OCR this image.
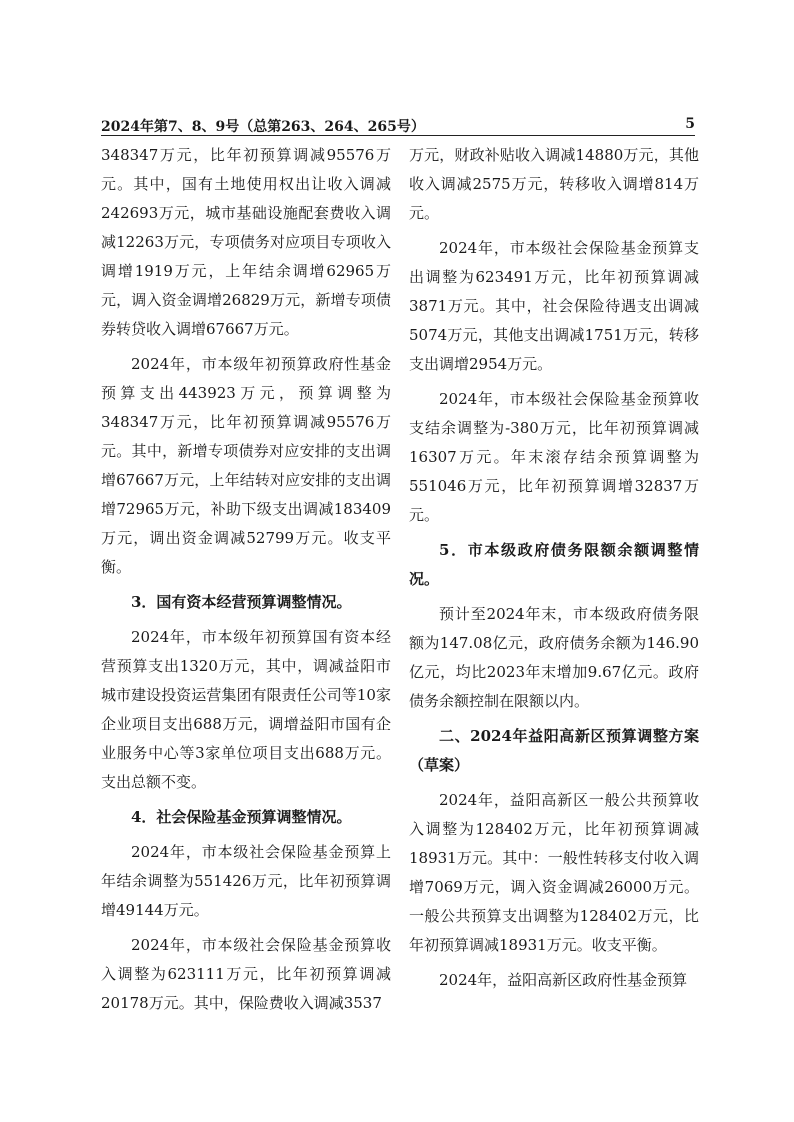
2024年第7、8、9号（总第263、264、265号）	5

348347万元，比年初预算调减95576万元。其中，国有土地使用权出让收入调减242693万元，城市基础设施配套费收入调减12263万元，专项债务对应项目专项收入调增1919万元，上年结余调增62965万元，调入资金调增26829万元，新增专项债券转贷收入调增67667万元。

2024年，市本级年初预算政府性基金预算支出443923万元，预算调整为348347万元，比年初预算调减95576万元。其中，新增专项债券对应安排的支出调增67667万元，上年结转对应安排的支出调增72965万元，补助下级支出调减183409万元，调出资金调减52799万元。收支平衡。

3．国有资本经营预算调整情况。

2024年，市本级年初预算国有资本经营预算支出1320万元，其中，调减益阳市城市建设投资运营集团有限责任公司等10家企业项目支出688万元，调增益阳市国有企业服务中心等3家单位项目支出688万元。支出总额不变。

4．社会保险基金预算调整情况。

2024年，市本级社会保险基金预算上年结余调整为551426万元，比年初预算调增49144万元。

2024年，市本级社会保险基金预算收入调整为623111万元，比年初预算调减20178万元。其中，保险费收入调减3537

万元，财政补贴收入调减14880万元，其他收入调减2575万元，转移收入调增814万元。

2024年，市本级社会保险基金预算支出调整为623491万元，比年初预算调减3871万元。其中，社会保险待遇支出调减5074万元，其他支出调减1751万元，转移支出调增2954万元。

2024年，市本级社会保险基金预算收支结余调整为-380万元，比年初预算调减16307万元。年末滚存结余预算调整为551046万元，比年初预算调增32837万元。

5．市本级政府债务限额余额调整情况。

预计至2024年末，市本级政府债务限额为147.08亿元，政府债务余额为146.90亿元，均比2023年末增加9.67亿元。政府债务余额控制在限额以内。

二、2024年益阳高新区预算调整方案（草案）

2024年，益阳高新区一般公共预算收入调整为128402万元，比年初预算调减18931万元。其中：一般性转移支付收入调增7069万元，调入资金调减26000万元。一般公共预算支出调整为128402万元，比年初预算调减18931万元。收支平衡。

2024年，益阳高新区政府性基金预算
